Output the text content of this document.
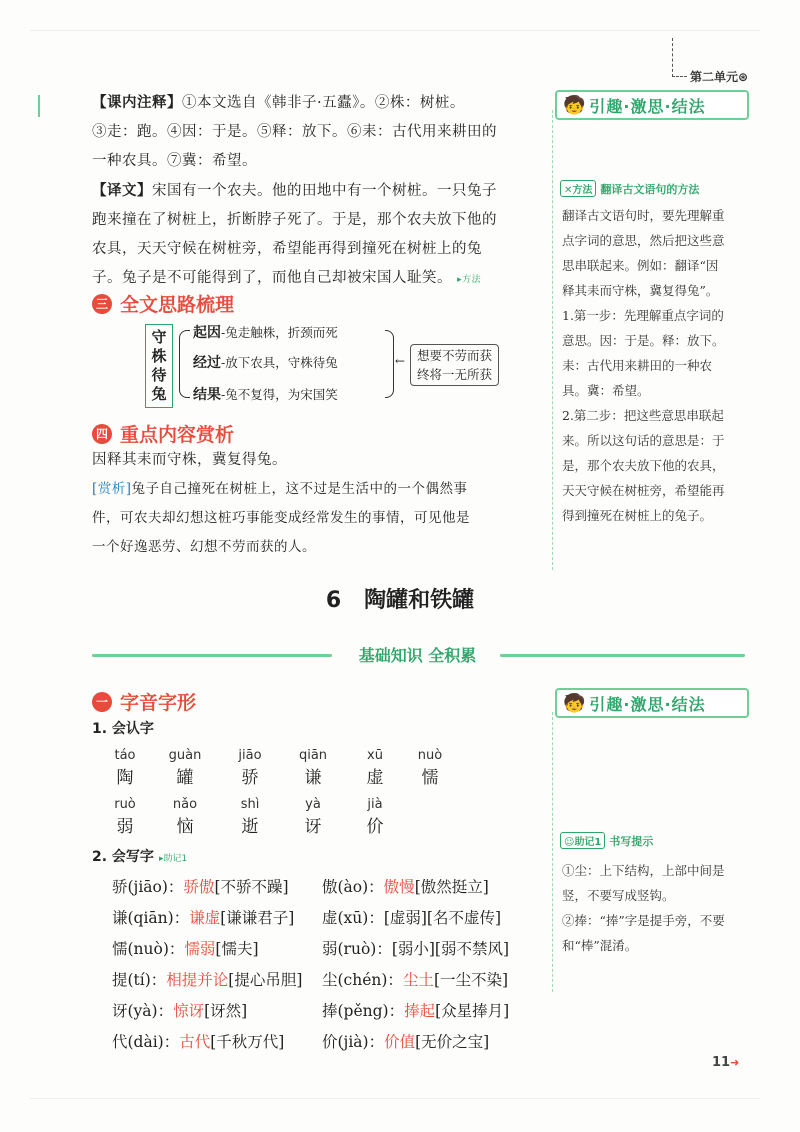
第二单元⊛
【课内注释】①本文选自《韩非子·五蠹》。②株：树桩。
③走：跑。④因：于是。⑤释：放下。⑥耒：古代用来耕田的
一种农具。⑦冀：希望。
【译文】宋国有一个农夫。他的田地中有一个树桩。一只兔子
跑来撞在了树桩上，折断脖子死了。于是，那个农夫放下他的
农具，天天守候在树桩旁，希望能再得到撞死在树桩上的兔
子。兔子是不可能得到了，而他自己却被宋国人耻笑。 ▸方法
三 全文思路梳理
守株待兔
起因-兔走触株，折颈而死
经过-放下农具，守株待兔
结果-兔不复得，为宋国笑
← 想要不劳而获
终将一无所获
四 重点内容赏析
因释其耒而守株，冀复得兔。
[赏析]兔子自己撞死在树桩上，这不过是生活中的一个偶然事
件，可农夫却幻想这桩巧事能变成经常发生的事情，可见他是
一个好逸恶劳、幻想不劳而获的人。
🧒 引趣·激思·结法
✕方法 翻译古文语句的方法
翻译古文语句时，要先理解重
点字词的意思，然后把这些意
思串联起来。例如：翻译“因
释其耒而守株，冀复得兔”。
1.第一步：先理解重点字词的
意思。因：于是。释：放下。
耒：古代用来耕田的一种农
具。冀：希望。
2.第二步：把这些意思串联起
来。所以这句话的意思是：于
是，那个农夫放下他的农具，
天天守候在树桩旁，希望能再
得到撞死在树桩上的兔子。
6 陶罐和铁罐
基础知识 全积累
一 字音字形
1. 会认字
táo
陶
guàn
罐
jiāo
骄
qiān
谦
xū
虚
nuò
懦
ruò
弱
nǎo
恼
shì
逝
yà
讶
jià
价
2. 会写字 ▸助记1
骄(jiāo)：骄傲[不骄不躁]
谦(qiān)：谦虚[谦谦君子]
懦(nuò)：懦弱[懦夫]
提(tí)：相提并论[提心吊胆]
讶(yà)：惊讶[讶然]
代(dài)：古代[千秋万代]
傲(ào)：傲慢[傲然挺立]
虚(xū)：[虚弱][名不虚传]
弱(ruò)：[弱小][弱不禁风]
尘(chén)：尘土[一尘不染]
捧(pěng)：捧起[众星捧月]
价(jià)：价值[无价之宝]
🧒 引趣·激思·结法
☺助记1 书写提示
①尘：上下结构，上部中间是
竖，不要写成竖钩。
②捧：“捧”字是提手旁，不要
和“棒”混淆。
11➜
